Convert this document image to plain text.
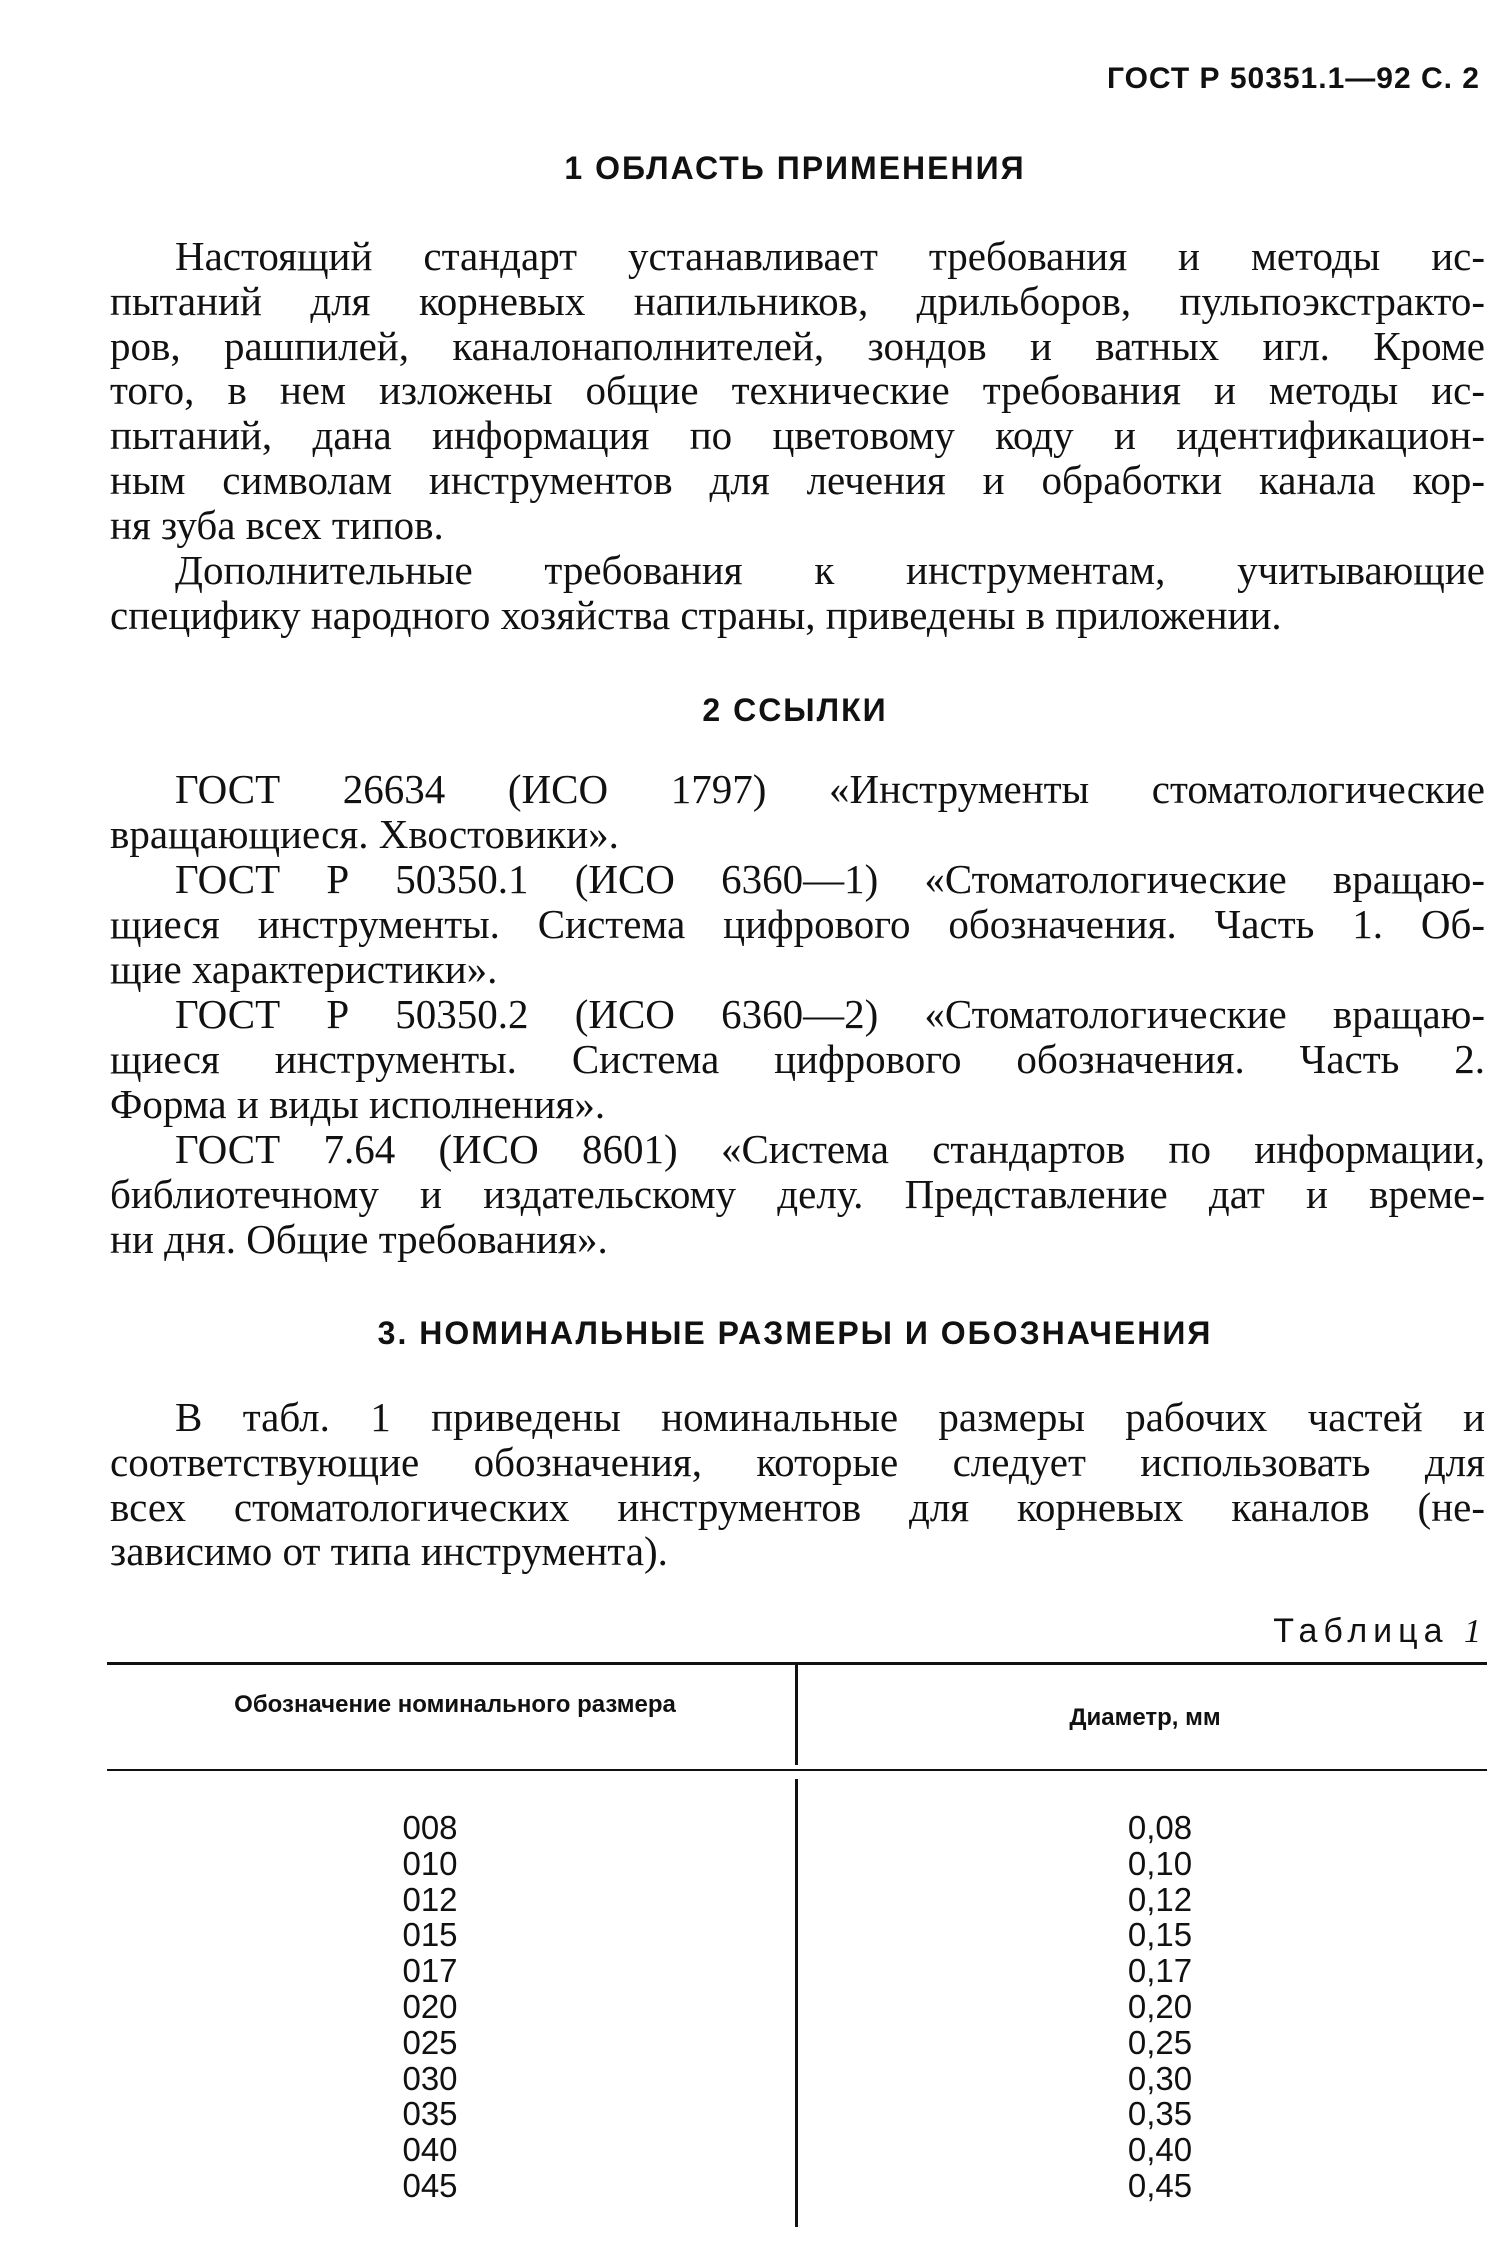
ГОСТ Р 50351.1—92 С. 2
1 ОБЛАСТЬ ПРИМЕНЕНИЯ
Настоящий стандарт устанавливает требования и методы ис-
пытаний для корневых напильников, дрильборов, пульпоэкстракто-
ров, рашпилей, каналонаполнителей, зондов и ватных игл. Кроме
того, в нем изложены общие технические требования и методы ис-
пытаний, дана информация по цветовому коду и идентификацион-
ным символам инструментов для лечения и обработки канала кор-
ня зуба всех типов.
Дополнительные требования к инструментам, учитывающие
специфику народного хозяйства страны, приведены в приложении.
2 ССЫЛКИ
ГОСТ 26634 (ИСО 1797) «Инструменты стоматологические
вращающиеся. Хвостовики».
ГОСТ Р 50350.1 (ИСО 6360—1) «Стоматологические вращаю-
щиеся инструменты. Система цифрового обозначения. Часть 1. Об-
щие характеристики».
ГОСТ Р 50350.2 (ИСО 6360—2) «Стоматологические вращаю-
щиеся инструменты. Система цифрового обозначения. Часть 2.
Форма и виды исполнения».
ГОСТ 7.64 (ИСО 8601) «Система стандартов по информации,
библиотечному и издательскому делу. Представление дат и време-
ни дня. Общие требования».
3. НОМИНАЛЬНЫЕ РАЗМЕРЫ И ОБОЗНАЧЕНИЯ
В табл. 1 приведены номинальные размеры рабочих частей и
соответствующие обозначения, которые следует использовать для
всех стоматологических инструментов для корневых каналов (не-
зависимо от типа инструмента).
Таблица 1
Обозначение номинального размера	Диаметр, мм
008
010
012
015
017
020
025
030
035
040
045
0,08
0,10
0,12
0,15
0,17
0,20
0,25
0,30
0,35
0,40
0,45
